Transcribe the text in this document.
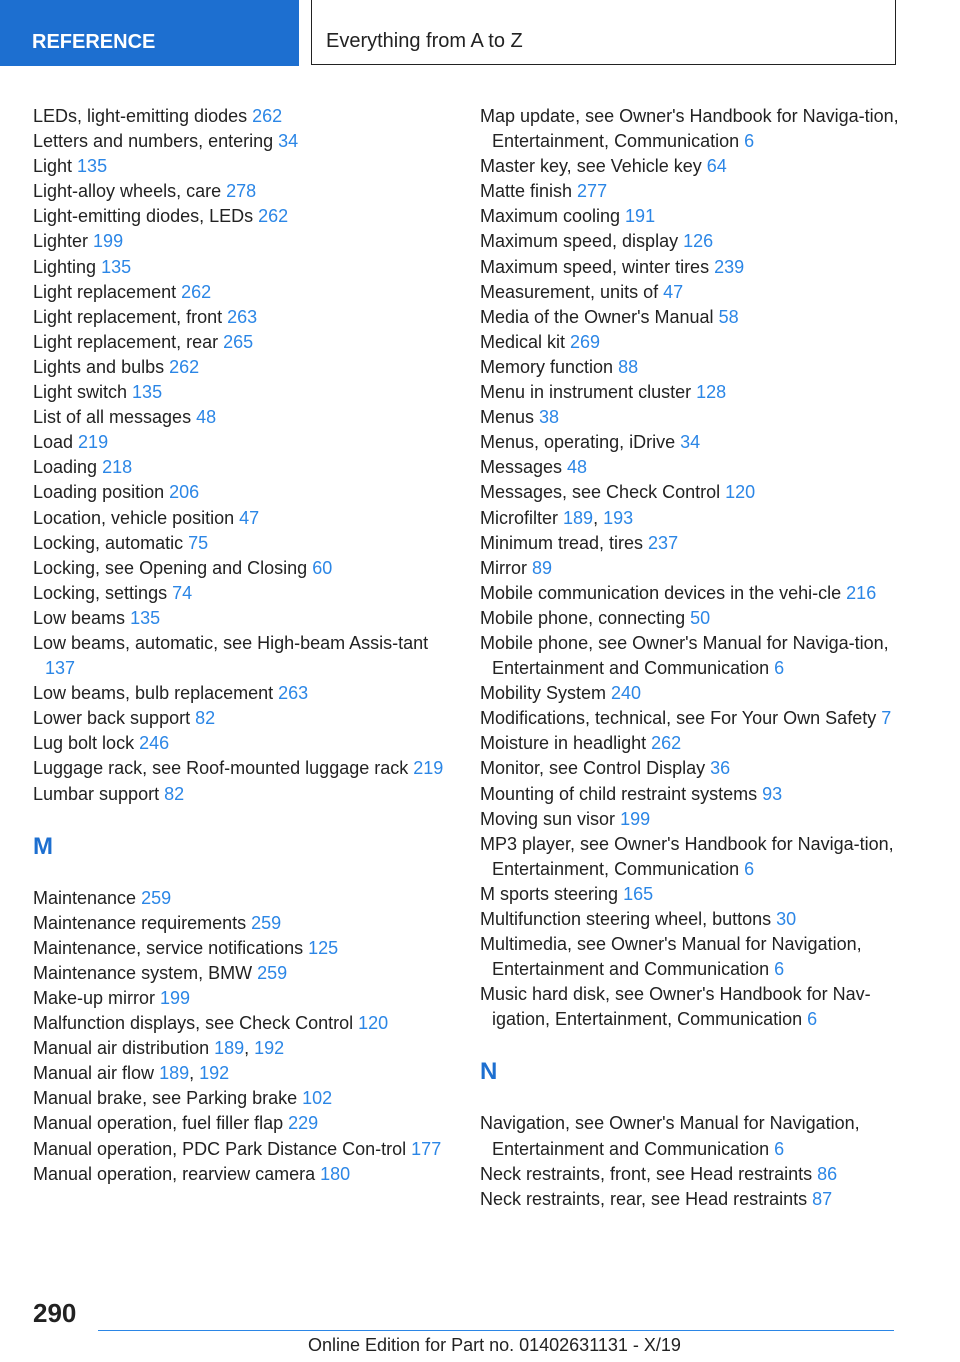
REFERENCE	Everything from A to Z
LEDs, light-emitting diodes 262
Letters and numbers, entering 34
Light 135
Light-alloy wheels, care 278
Light-emitting diodes, LEDs 262
Lighter 199
Lighting 135
Light replacement 262
Light replacement, front 263
Light replacement, rear 265
Lights and bulbs 262
Light switch 135
List of all messages 48
Load 219
Loading 218
Loading position 206
Location, vehicle position 47
Locking, automatic 75
Locking, see Opening and Closing 60
Locking, settings 74
Low beams 135
Low beams, automatic, see High-beam Assis-tant 137
Low beams, bulb replacement 263
Lower back support 82
Lug bolt lock 246
Luggage rack, see Roof-mounted luggage rack 219
Lumbar support 82
M
Maintenance 259
Maintenance requirements 259
Maintenance, service notifications 125
Maintenance system, BMW 259
Make-up mirror 199
Malfunction displays, see Check Control 120
Manual air distribution 189, 192
Manual air flow 189, 192
Manual brake, see Parking brake 102
Manual operation, fuel filler flap 229
Manual operation, PDC Park Distance Con-trol 177
Manual operation, rearview camera 180
Map update, see Owner's Handbook for Naviga-tion, Entertainment, Communication 6
Master key, see Vehicle key 64
Matte finish 277
Maximum cooling 191
Maximum speed, display 126
Maximum speed, winter tires 239
Measurement, units of 47
Media of the Owner's Manual 58
Medical kit 269
Memory function 88
Menu in instrument cluster 128
Menus 38
Menus, operating, iDrive 34
Messages 48
Messages, see Check Control 120
Microfilter 189, 193
Minimum tread, tires 237
Mirror 89
Mobile communication devices in the vehi-cle 216
Mobile phone, connecting 50
Mobile phone, see Owner's Manual for Naviga-tion, Entertainment and Communication 6
Mobility System 240
Modifications, technical, see For Your Own Safety 7
Moisture in headlight 262
Monitor, see Control Display 36
Mounting of child restraint systems 93
Moving sun visor 199
MP3 player, see Owner's Handbook for Naviga-tion, Entertainment, Communication 6
M sports steering 165
Multifunction steering wheel, buttons 30
Multimedia, see Owner's Manual for Navigation, Entertainment and Communication 6
Music hard disk, see Owner's Handbook for Nav-igation, Entertainment, Communication 6
N
Navigation, see Owner's Manual for Navigation, Entertainment and Communication 6
Neck restraints, front, see Head restraints 86
Neck restraints, rear, see Head restraints 87
290
Online Edition for Part no. 01402631131 - X/19
